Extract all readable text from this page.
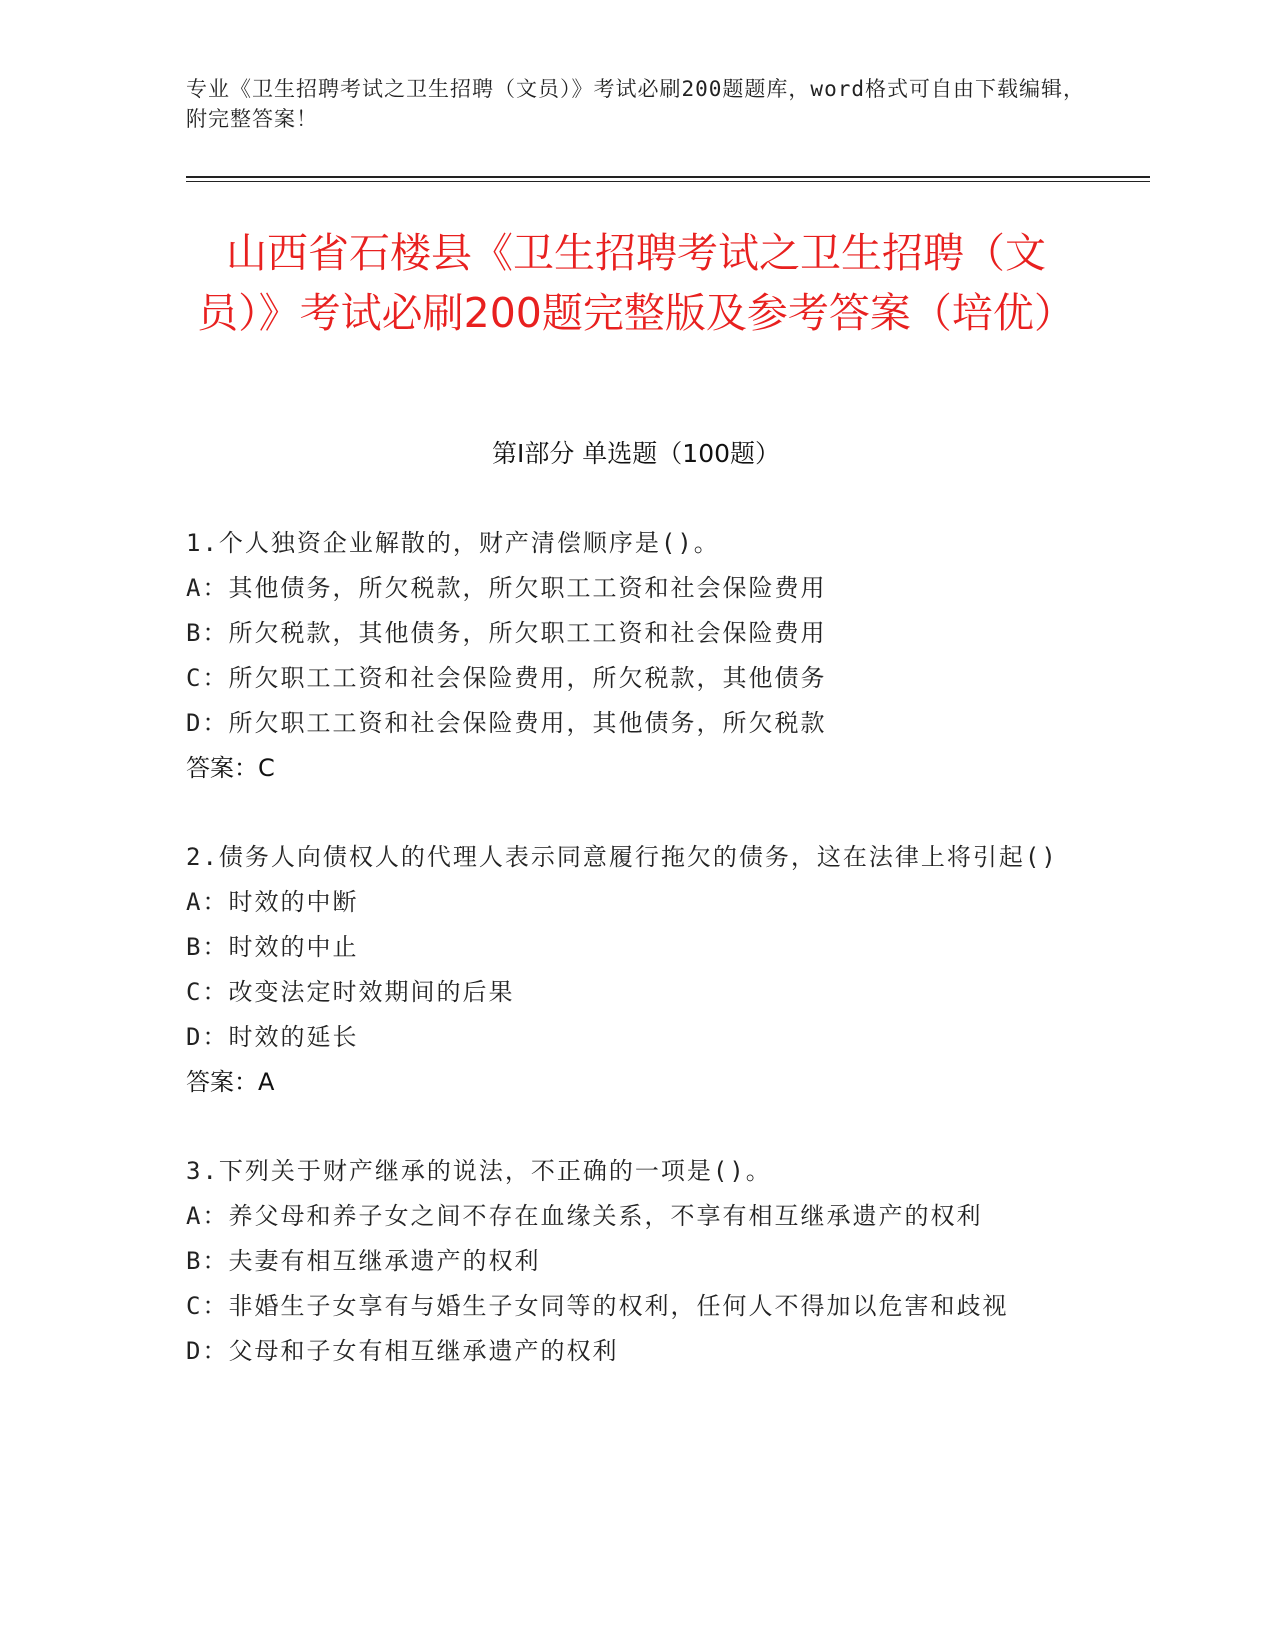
专业《卫生招聘考试之卫生招聘（文员）》考试必刷200题题库，word格式可自由下载编辑，附完整答案！
山西省石楼县《卫生招聘考试之卫生招聘（文员）》考试必刷200题完整版及参考答案（培优）
第I部分 单选题（100题）

1.个人独资企业解散的，财产清偿顺序是()。

A：其他债务，所欠税款，所欠职工工资和社会保险费用

B：所欠税款，其他债务，所欠职工工资和社会保险费用

C：所欠职工工资和社会保险费用，所欠税款，其他债务

D：所欠职工工资和社会保险费用，其他债务，所欠税款

答案：C

2.债务人向债权人的代理人表示同意履行拖欠的债务，这在法律上将引起()

A：时效的中断

B：时效的中止

C：改变法定时效期间的后果

D：时效的延长

答案：A

3.下列关于财产继承的说法，不正确的一项是()。

A：养父母和养子女之间不存在血缘关系，不享有相互继承遗产的权利

B：夫妻有相互继承遗产的权利

C：非婚生子女享有与婚生子女同等的权利，任何人不得加以危害和歧视

D：父母和子女有相互继承遗产的权利
